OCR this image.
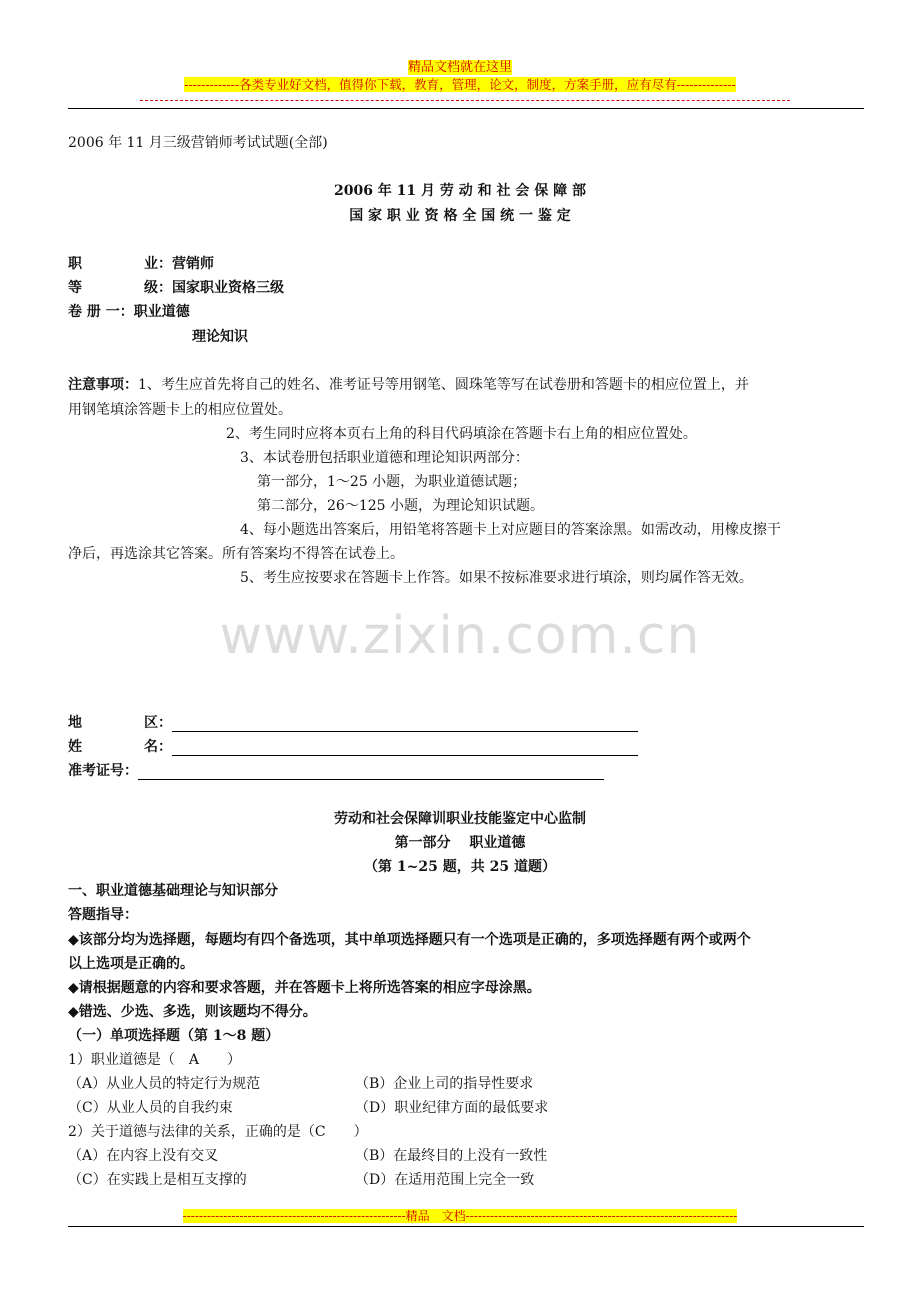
精品文档就在这里
-------------各类专业好文档，值得你下载，教育，管理，论文，制度，方案手册，应有尽有--------------
2006 年 11 月三级营销师考试试题(全部)
2006 年 11 月 劳 动 和 社 会 保 障 部
国 家 职 业 资 格 全 国 统 一 鉴 定
职	业：营销师
等	级：国家职业资格三级
卷 册 一：职业道德
理论知识
注意事项：1、考生应首先将自己的姓名、准考证号等用钢笔、圆珠笔等写在试卷册和答题卡的相应位置上，并
用钢笔填涂答题卡上的相应位置处。
2、考生同时应将本页右上角的科目代码填涂在答题卡右上角的相应位置处。
3、本试卷册包括职业道德和理论知识两部分：
第一部分，1～25 小题，为职业道德试题；
第二部分，26～125 小题，为理论知识试题。
4、每小题选出答案后，用铅笔将答题卡上对应题目的答案涂黑。如需改动，用橡皮擦干
净后，再选涂其它答案。所有答案均不得答在试卷上。
5、考生应按要求在答题卡上作答。如果不按标准要求进行填涂，则均属作答无效。
www.zixin.com.cn
地	区：
姓	名：
准考证号：
劳动和社会保障训职业技能鉴定中心监制
第一部分　 职业道德
（第 1~25 题，共 25 道题）
一、职业道德基础理论与知识部分
答题指导：
◆该部分均为选择题，每题均有四个备选项，其中单项选择题只有一个选项是正确的，多项选择题有两个或两个
以上选项是正确的。
◆请根据题意的内容和要求答题，并在答题卡上将所选答案的相应字母涂黑。
◆错选、少选、多选，则该题均不得分。
（一）单项选择题（第 1～8 题）
1）职业道德是（　A　　）
（A）从业人员的特定行为规范	（B）企业上司的指导性要求
（C）从业人员的自我约束	（D）职业纪律方面的最低要求
2）关于道德与法律的关系，正确的是（C　　）
（A）在内容上没有交叉	（B）在最终目的上没有一致性
（C）在实践上是相互支撑的	（D）在适用范围上完全一致
-------------------------------------------------------精品　文档-------------------------------------------------------------------
